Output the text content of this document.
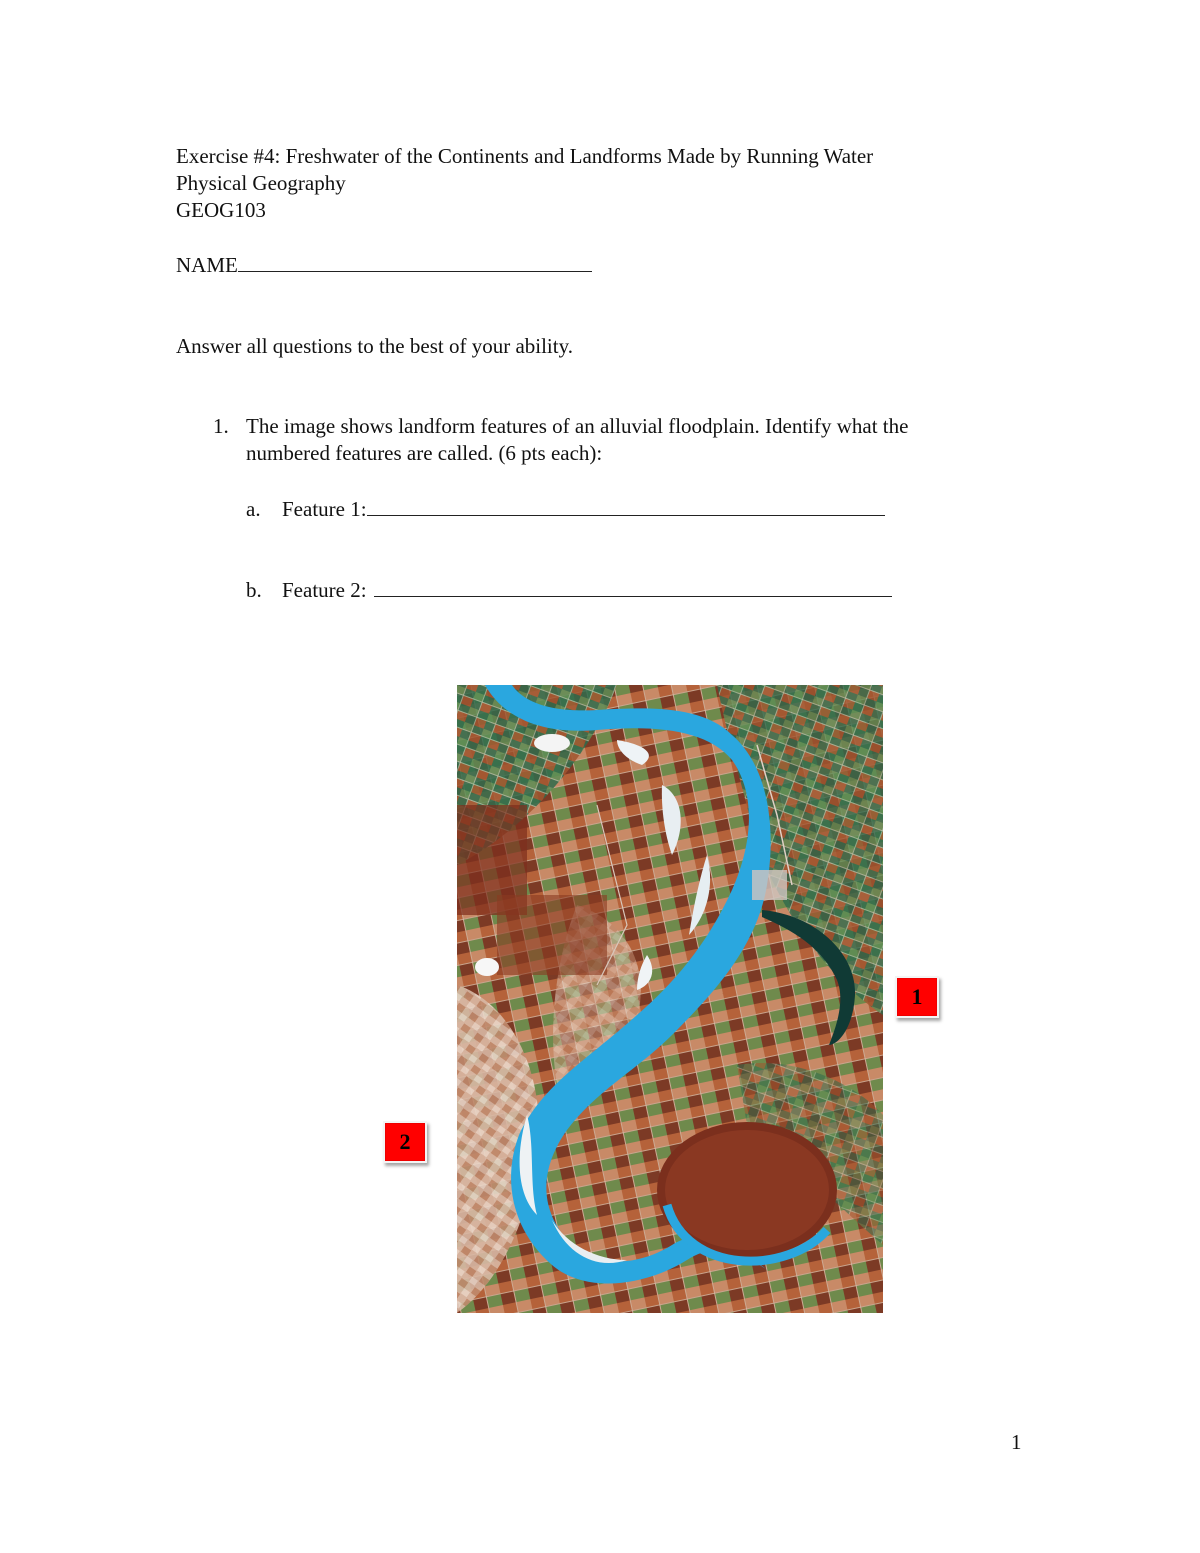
Exercise #4: Freshwater of the Continents and Landforms Made by Running Water
Physical Geography
GEOG103
NAME
Answer all questions to the best of your ability.
1. The image shows landform features of an alluvial floodplain. Identify what the
numbered features are called. (6 pts each):
a. Feature 1:
b. Feature 2:
1
2
1
